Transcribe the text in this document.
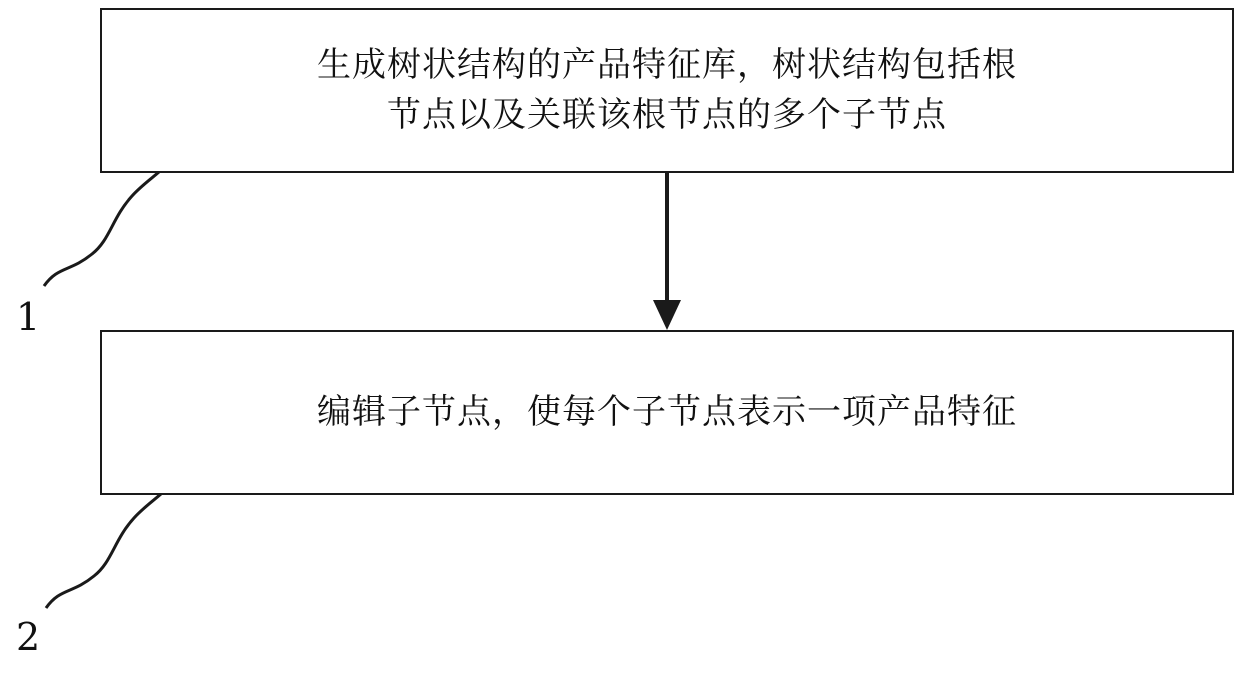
生成树状结构的产品特征库，树状结构包括根
节点以及关联该根节点的多个子节点
编辑子节点，使每个子节点表示一项产品特征
1
2
